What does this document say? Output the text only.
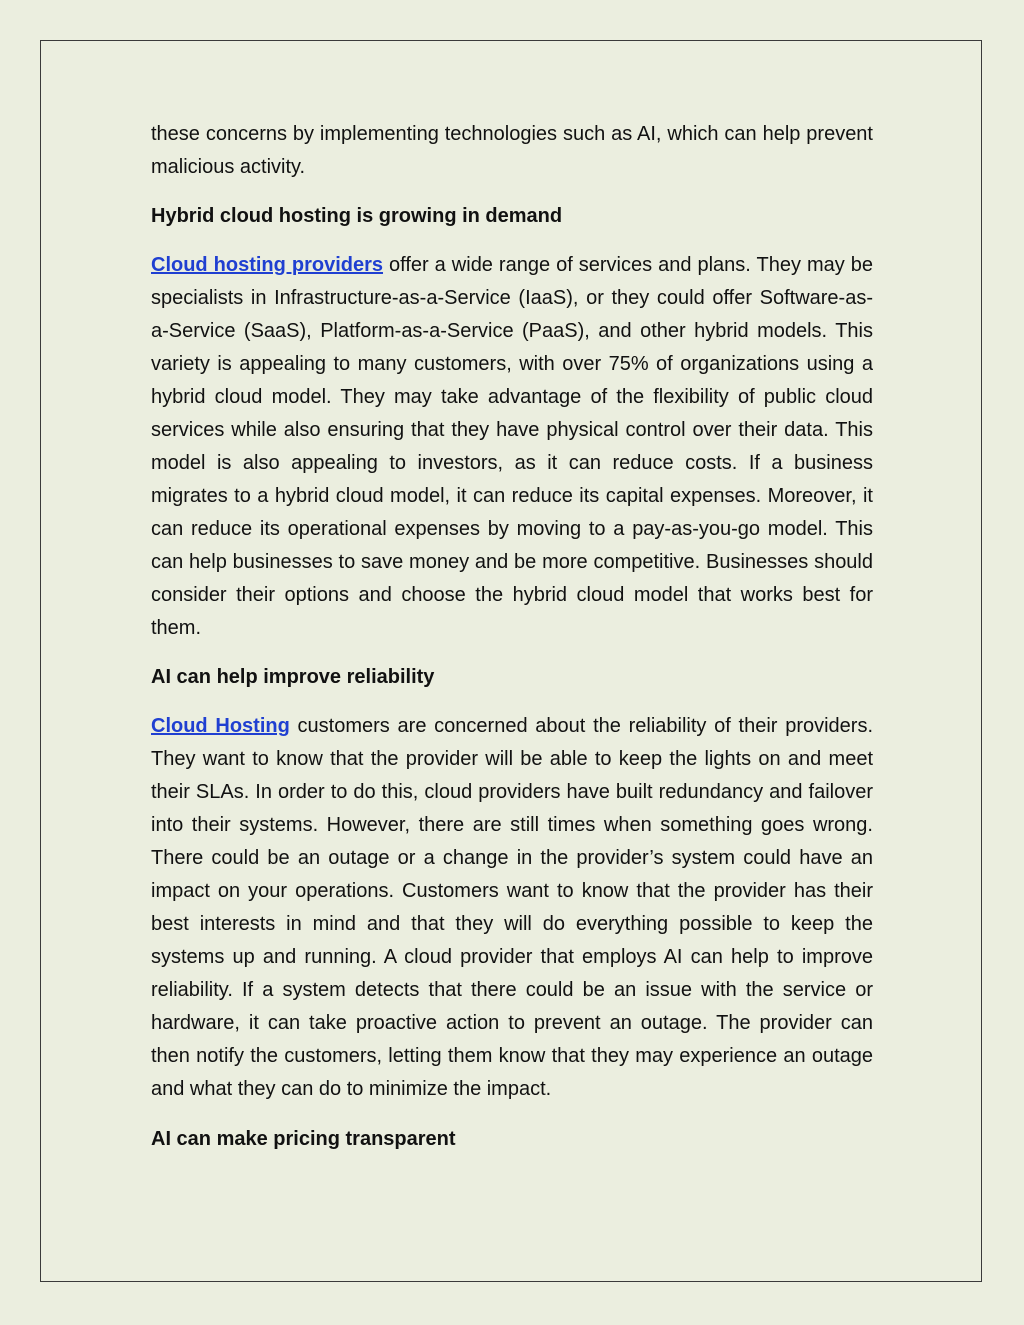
these concerns by implementing technologies such as AI, which can help prevent malicious activity.

Hybrid cloud hosting is growing in demand

Cloud hosting providers offer a wide range of services and plans. They may be specialists in Infrastructure-as-a-Service (IaaS), or they could offer Software-as-a-Service (SaaS), Platform-as-a-Service (PaaS), and other hybrid models. This variety is appealing to many customers, with over 75% of organizations using a hybrid cloud model. They may take advantage of the flexibility of public cloud services while also ensuring that they have physical control over their data. This model is also appealing to investors, as it can reduce costs. If a business migrates to a hybrid cloud model, it can reduce its capital expenses. Moreover, it can reduce its operational expenses by moving to a pay-as-you-go model. This can help businesses to save money and be more competitive. Businesses should consider their options and choose the hybrid cloud model that works best for them.

AI can help improve reliability

Cloud Hosting customers are concerned about the reliability of their providers. They want to know that the provider will be able to keep the lights on and meet their SLAs. In order to do this, cloud providers have built redundancy and failover into their systems. However, there are still times when something goes wrong. There could be an outage or a change in the provider’s system could have an impact on your operations. Customers want to know that the provider has their best interests in mind and that they will do everything possible to keep the systems up and running. A cloud provider that employs AI can help to improve reliability. If a system detects that there could be an issue with the service or hardware, it can take proactive action to prevent an outage. The provider can then notify the customers, letting them know that they may experience an outage and what they can do to minimize the impact.

AI can make pricing transparent
